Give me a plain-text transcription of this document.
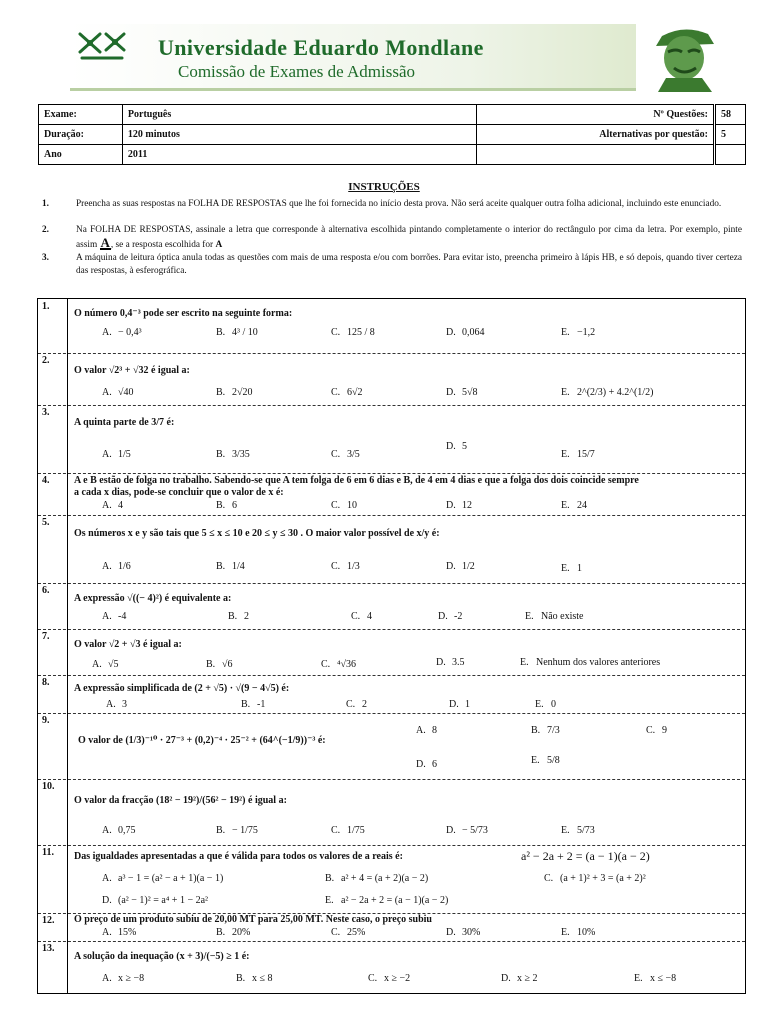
Universidade Eduardo Mondlane
Comissão de Exames de Admissão
Exame:	Português	Nº Questões:	58
Duração:	120 minutos	Alternativas por questão:	5
Ano	2011		
INSTRUÇÕES
1.	Preencha as suas respostas na FOLHA DE RESPOSTAS que lhe foi fornecida no início desta prova. Não será aceite qualquer outra folha adicional, incluindo este enunciado.
2.	Na FOLHA DE RESPOSTAS, assinale a letra que corresponde à alternativa escolhida pintando completamente o interior do rectângulo por cima da letra. Por exemplo, pinte assim A, se a resposta escolhida for A
3.	A máquina de leitura óptica anula todas as questões com mais de uma resposta e/ou com borrões. Para evitar isto, preencha primeiro à lápis HB, e só depois, quando tiver certeza das respostas, à esferográfica.
1.
O número 0,4⁻³ pode ser escrito na seguinte forma:
A. − 0,4³	B. 4³ / 10	C. 125 / 8	D. 0,064	E. −1,2
2.
O valor √2³ + √32 é igual a:
A. √40	B. 2√20	C. 6√2	D. 5√8	E. 2^(2/3) + 4.2^(1/2)
3.
A quinta parte de 3/7 é:
A. 1/5	B. 3/35	C. 3/5
D. 5
E. 15/7
4.	A e B estão de folga no trabalho. Sabendo-se que A tem folga de 6 em 6 dias e B, de 4 em 4 dias e que a folga dos dois coincide sempre
a cada x dias, pode-se concluir que o valor de x é:
A. 4	B. 6	C. 10	D. 12	E. 24
5.
Os números x e y são tais que 5 ≤ x ≤ 10 e 20 ≤ y ≤ 30 . O maior valor possível de x/y é:
A. 1/6	B. 1/4	C. 1/3	D. 1/2	E. 1
6.
A expressão √((− 4)²) é equivalente a:
A. -4	B. 2	C. 4	D. -2	E. Não existe
7.
O valor √2 + √3 é igual a:
A. √5	B. √6	C. ⁴√36	D. 3.5	E. Nenhum dos valores anteriores
8.
A expressão simplificada de (2 + √5) · √(9 − 4√5) é:
A. 3	B. -1	C. 2	D. 1	E. 0
9.
O valor de (1/3)⁻¹⁰ · 27⁻³ + (0,2)⁻⁴ · 25⁻² + (64^(−1/9))⁻³ é:
A. 8	B. 7/3	C. 9
D. 6	E. 5/8
10.
O valor da fracção (18² − 19²)/(56² − 19²) é igual a:
A. 0,75	B. − 1/75	C. 1/75	D. − 5/73	E. 5/73
11.	Das igualdades apresentadas a que é válida para todos os valores de a reais é:	a² − 2a + 2 = (a − 1)(a − 2)
A. a³ − 1 = (a² − a + 1)(a − 1)	B. a² + 4 = (a + 2)(a − 2)	C. (a + 1)² + 3 = (a + 2)²
D. (a² − 1)² = a⁴ + 1 − 2a²	E. a² − 2a + 2 = (a − 1)(a − 2)
12.	O preço de um produto subiu de 20,00 MT para 25,00 MT. Neste caso, o preço subiu
A. 15%	B. 20%	C. 25%	D. 30%	E. 10%
13.
A solução da inequação (x + 3)/(−5) ≥ 1 é:
A. x ≥ −8	B. x ≤ 8	C. x ≥ −2	D. x ≥ 2	E. x ≤ −8
